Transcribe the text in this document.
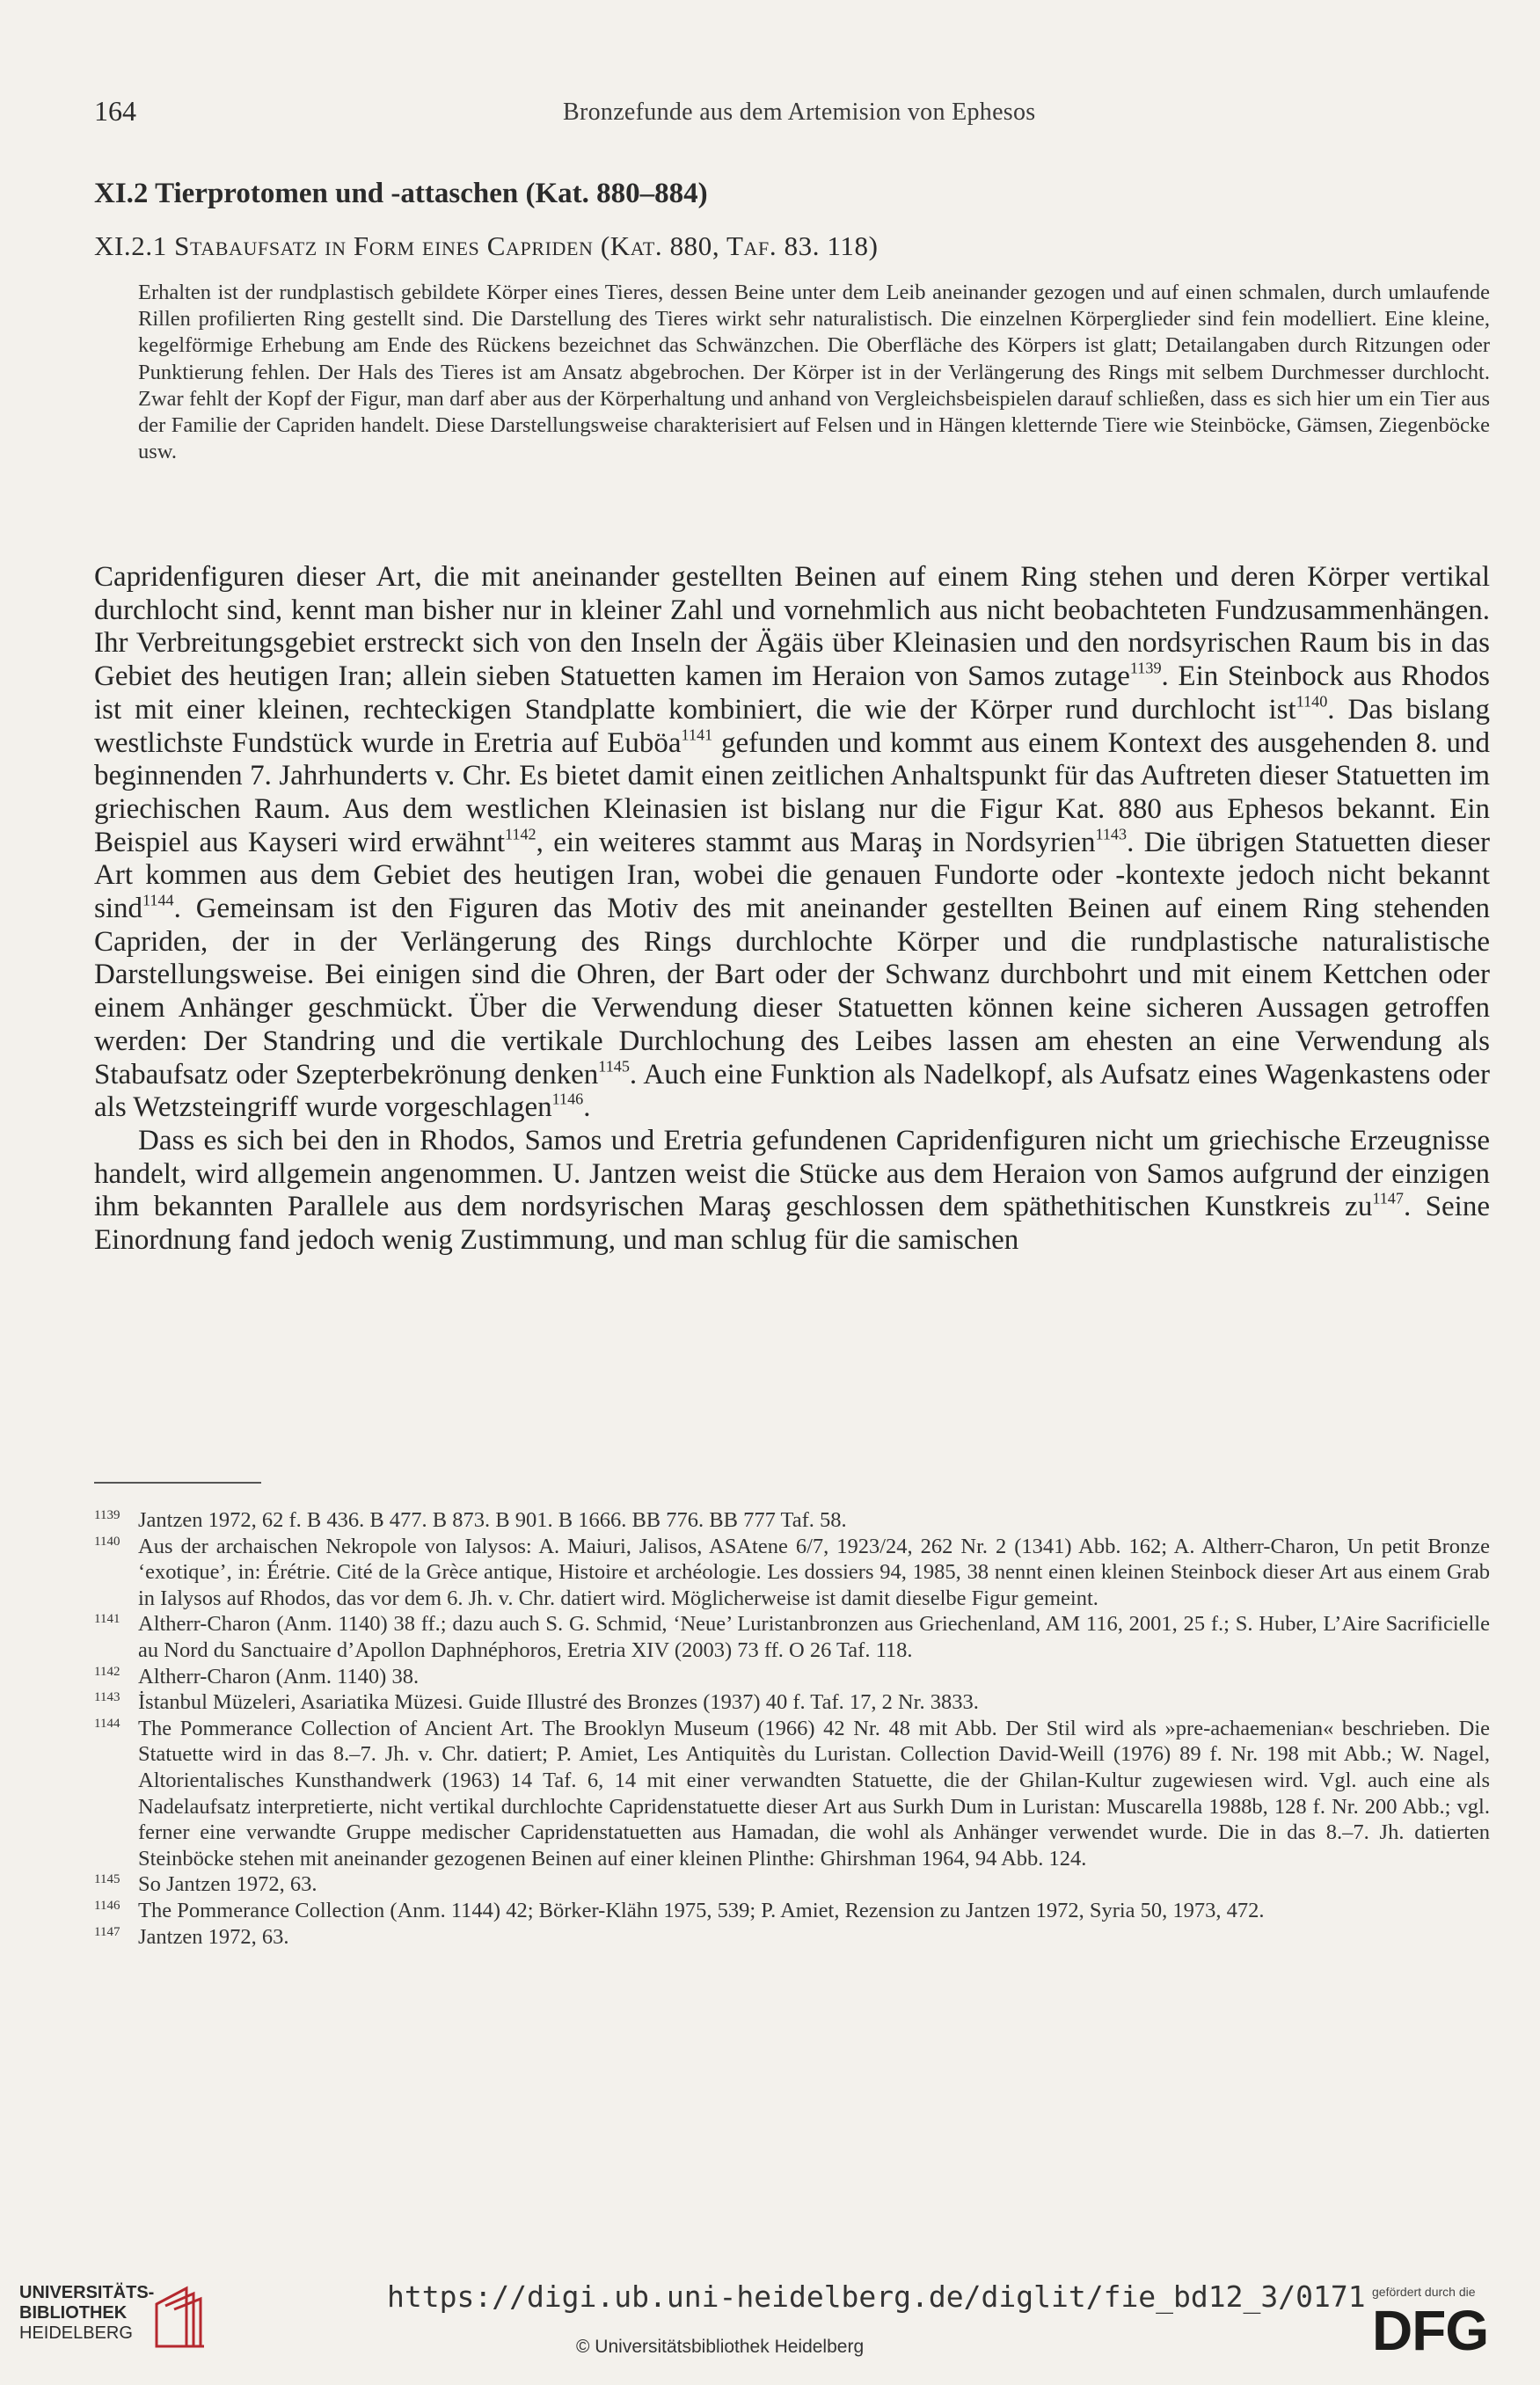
164	Bronzefunde aus dem Artemision von Ephesos
XI.2 Tierprotomen und -attaschen (Kat. 880–884)
XI.2.1 Stabaufsatz in Form eines Capriden (Kat. 880, Taf. 83. 118)
Erhalten ist der rundplastisch gebildete Körper eines Tieres, dessen Beine unter dem Leib aneinander gezogen und auf einen schmalen, durch umlaufende Rillen profilierten Ring gestellt sind. Die Darstellung des Tieres wirkt sehr naturalistisch. Die einzelnen Körperglieder sind fein modelliert. Eine kleine, kegelförmige Erhebung am Ende des Rückens bezeichnet das Schwänzchen. Die Oberfläche des Körpers ist glatt; Detailangaben durch Ritzungen oder Punktierung fehlen. Der Hals des Tieres ist am Ansatz abgebrochen. Der Körper ist in der Verlängerung des Rings mit selbem Durchmesser durchlocht. Zwar fehlt der Kopf der Figur, man darf aber aus der Körperhaltung und anhand von Vergleichsbeispielen darauf schließen, dass es sich hier um ein Tier aus der Familie der Capriden handelt. Diese Darstellungsweise charakterisiert auf Felsen und in Hängen kletternde Tiere wie Steinböcke, Gämsen, Ziegenböcke usw.

Capridenfiguren dieser Art, die mit aneinander gestellten Beinen auf einem Ring stehen und deren Körper vertikal durchlocht sind, kennt man bisher nur in kleiner Zahl und vornehmlich aus nicht beobachteten Fundzusammenhängen. Ihr Verbreitungsgebiet erstreckt sich von den Inseln der Ägäis über Kleinasien und den nordsyrischen Raum bis in das Gebiet des heutigen Iran; allein sieben Statuetten kamen im Heraion von Samos zutage$^{1139}$. Ein Steinbock aus Rhodos ist mit einer kleinen, rechteckigen Standplatte kombiniert, die wie der Körper rund durchlocht ist$^{1140}$. Das bislang westlichste Fundstück wurde in Eretria auf Euböa$^{1141}$ gefunden und kommt aus einem Kontext des ausgehenden 8. und beginnenden 7. Jahrhunderts v. Chr. Es bietet damit einen zeitlichen Anhaltspunkt für das Auftreten dieser Statuetten im griechischen Raum. Aus dem westlichen Kleinasien ist bislang nur die Figur Kat. 880 aus Ephesos bekannt. Ein Beispiel aus Kayseri wird erwähnt$^{1142}$, ein weiteres stammt aus Maraş in Nordsyrien$^{1143}$. Die übrigen Statuetten dieser Art kommen aus dem Gebiet des heutigen Iran, wobei die genauen Fundorte oder -kontexte jedoch nicht bekannt sind$^{1144}$. Gemeinsam ist den Figuren das Motiv des mit aneinander gestellten Beinen auf einem Ring stehenden Capriden, der in der Verlängerung des Rings durchlochte Körper und die rundplastische naturalistische Darstellungsweise. Bei einigen sind die Ohren, der Bart oder der Schwanz durchbohrt und mit einem Kettchen oder einem Anhänger geschmückt. Über die Verwendung dieser Statuetten können keine sicheren Aussagen getroffen werden: Der Standring und die vertikale Durchlochung des Leibes lassen am ehesten an eine Verwendung als Stabaufsatz oder Szepterbekrönung denken$^{1145}$. Auch eine Funktion als Nadelkopf, als Aufsatz eines Wagenkastens oder als Wetzsteingriff wurde vorgeschlagen$^{1146}$.

Dass es sich bei den in Rhodos, Samos und Eretria gefundenen Capridenfiguren nicht um griechische Erzeugnisse handelt, wird allgemein angenommen. U. Jantzen weist die Stücke aus dem Heraion von Samos aufgrund der einzigen ihm bekannten Parallele aus dem nordsyrischen Maraş geschlossen dem späthethitischen Kunstkreis $zu^{1147}$. Seine Einordnung fand jedoch wenig Zustimmung, und man schlug für die samischen

1139 Jantzen 1972, 62 f. B 436. B 477. B 873. B 901. B 1666. BB 776. BB 777 Taf. 58.
1140 Aus der archaischen Nekropole von Ialysos: A. Maiuri, Jalisos, ASAtene 6/7, 1923/24, 262 Nr. 2 (1341) Abb. 162; A. Altherr-Charon, Un petit Bronze ‘exotique’, in: Érétrie. Cité de la Grèce antique, Histoire et archéologie. Les dossiers 94, 1985, 38 nennt einen kleinen Steinbock dieser Art aus einem Grab in Ialysos auf Rhodos, das vor dem 6. Jh. v. Chr. datiert wird. Möglicherweise ist damit dieselbe Figur gemeint.
1141 Altherr-Charon (Anm. 1140) 38 ff.; dazu auch S. G. Schmid, ‘Neue’ Luristanbronzen aus Griechenland, AM 116, 2001, 25 f.; S. Huber, L’Aire Sacrificielle au Nord du Sanctuaire d’Apollon Daphnéphoros, Eretria XIV (2003) 73 ff. O 26 Taf. 118.
1142 Altherr-Charon (Anm. 1140) 38.
1143 İstanbul Müzeleri, Asariatika Müzesi. Guide Illustré des Bronzes (1937) 40 f. Taf. 17, 2 Nr. 3833.
1144 The Pommerance Collection of Ancient Art. The Brooklyn Museum (1966) 42 Nr. 48 mit Abb. Der Stil wird als »pre-achaemenian« beschrieben. Die Statuette wird in das 8.–7. Jh. v. Chr. datiert; P. Amiet, Les Antiquitès du Luristan. Collection David-Weill (1976) 89 f. Nr. 198 mit Abb.; W. Nagel, Altorientalisches Kunsthandwerk (1963) 14 Taf. 6, 14 mit einer verwandten Statuette, die der Ghilan-Kultur zugewiesen wird. Vgl. auch eine als Nadelaufsatz interpretierte, nicht vertikal durchlochte Capridenstatuette dieser Art aus Surkh Dum in Luristan: Muscarella 1988b, 128 f. Nr. 200 Abb.; vgl. ferner eine verwandte Gruppe medischer Capridenstatuetten aus Hamadan, die wohl als Anhänger verwendet wurde. Die in das 8.–7. Jh. datierten Steinböcke stehen mit aneinander gezogenen Beinen auf einer kleinen Plinthe: Ghirshman 1964, 94 Abb. 124.
1145 So Jantzen 1972, 63.
1146 The Pommerance Collection (Anm. 1144) 42; Börker-Klähn 1975, 539; P. Amiet, Rezension zu Jantzen 1972, Syria 50, 1973, 472.
1147 Jantzen 1972, 63.
UNIVERSITÄTS-
BIBLIOTHEK
HEIDELBERG
https://digi.ub.uni-heidelberg.de/diglit/fie_bd12_3/0171
© Universitätsbibliothek Heidelberg
gefördert durch die
DFG
